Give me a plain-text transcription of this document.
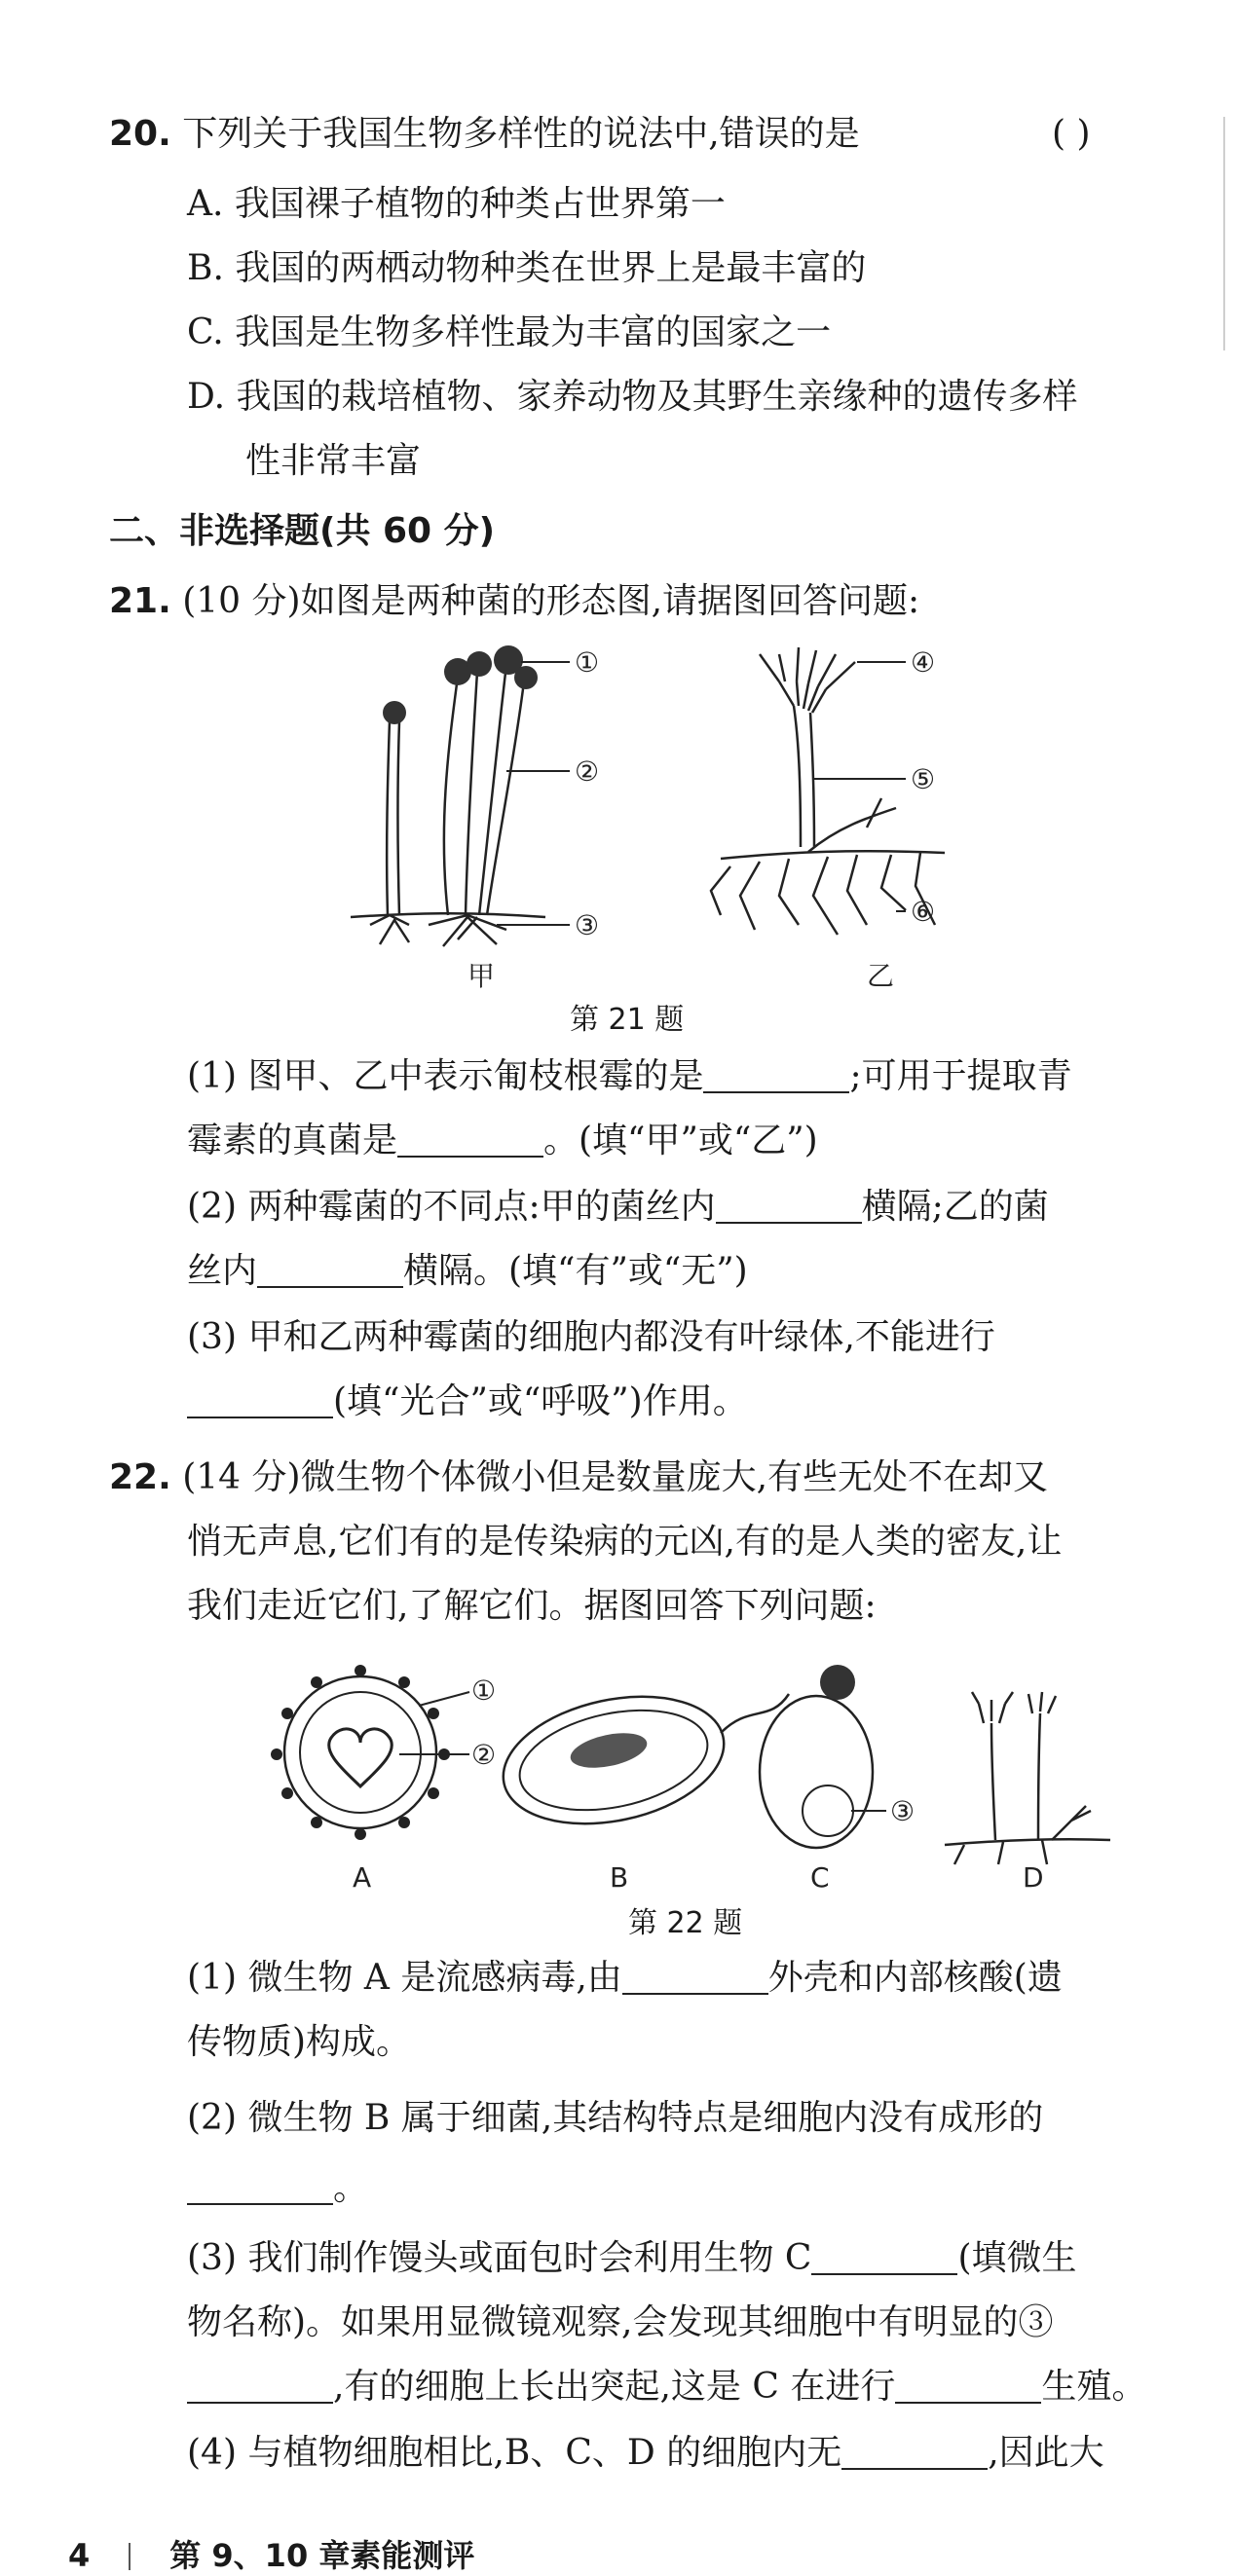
20. 下列关于我国生物多样性的说法中,错误的是	( )
A. 我国裸子植物的种类占世界第一
B. 我国的两栖动物种类在世界上是最丰富的
C. 我国是生物多样性最为丰富的国家之一
D. 我国的栽培植物、家养动物及其野生亲缘种的遗传多样
性非常丰富
二、非选择题(共 60 分)
21. (10 分)如图是两种菌的形态图,请据图回答问题:
①
②
③
④
⑤
⑥
甲	乙
第 21 题
(1) 图甲、乙中表示匍枝根霉的是	;可用于提取青
霉素的真菌是	。(填“甲”或“乙”)
(2) 两种霉菌的不同点:甲的菌丝内	横隔;乙的菌
丝内	横隔。(填“有”或“无”)
(3) 甲和乙两种霉菌的细胞内都没有叶绿体,不能进行
(填“光合”或“呼吸”)作用。
22. (14 分)微生物个体微小但是数量庞大,有些无处不在却又
悄无声息,它们有的是传染病的元凶,有的是人类的密友,让
我们走近它们,了解它们。据图回答下列问题:
①
②
③
A	B	C	D
第 22 题
(1) 微生物 A 是流感病毒,由	外壳和内部核酸(遗
传物质)构成。
(2) 微生物 B 属于细菌,其结构特点是细胞内没有成形的
。
(3) 我们制作馒头或面包时会利用生物 C	(填微生
物名称)。如果用显微镜观察,会发现其细胞中有明显的③
,有的细胞上长出突起,这是 C 在进行	生殖。
(4) 与植物细胞相比,B、C、D 的细胞内无	,因此大
4	第 9、10 章素能测评
